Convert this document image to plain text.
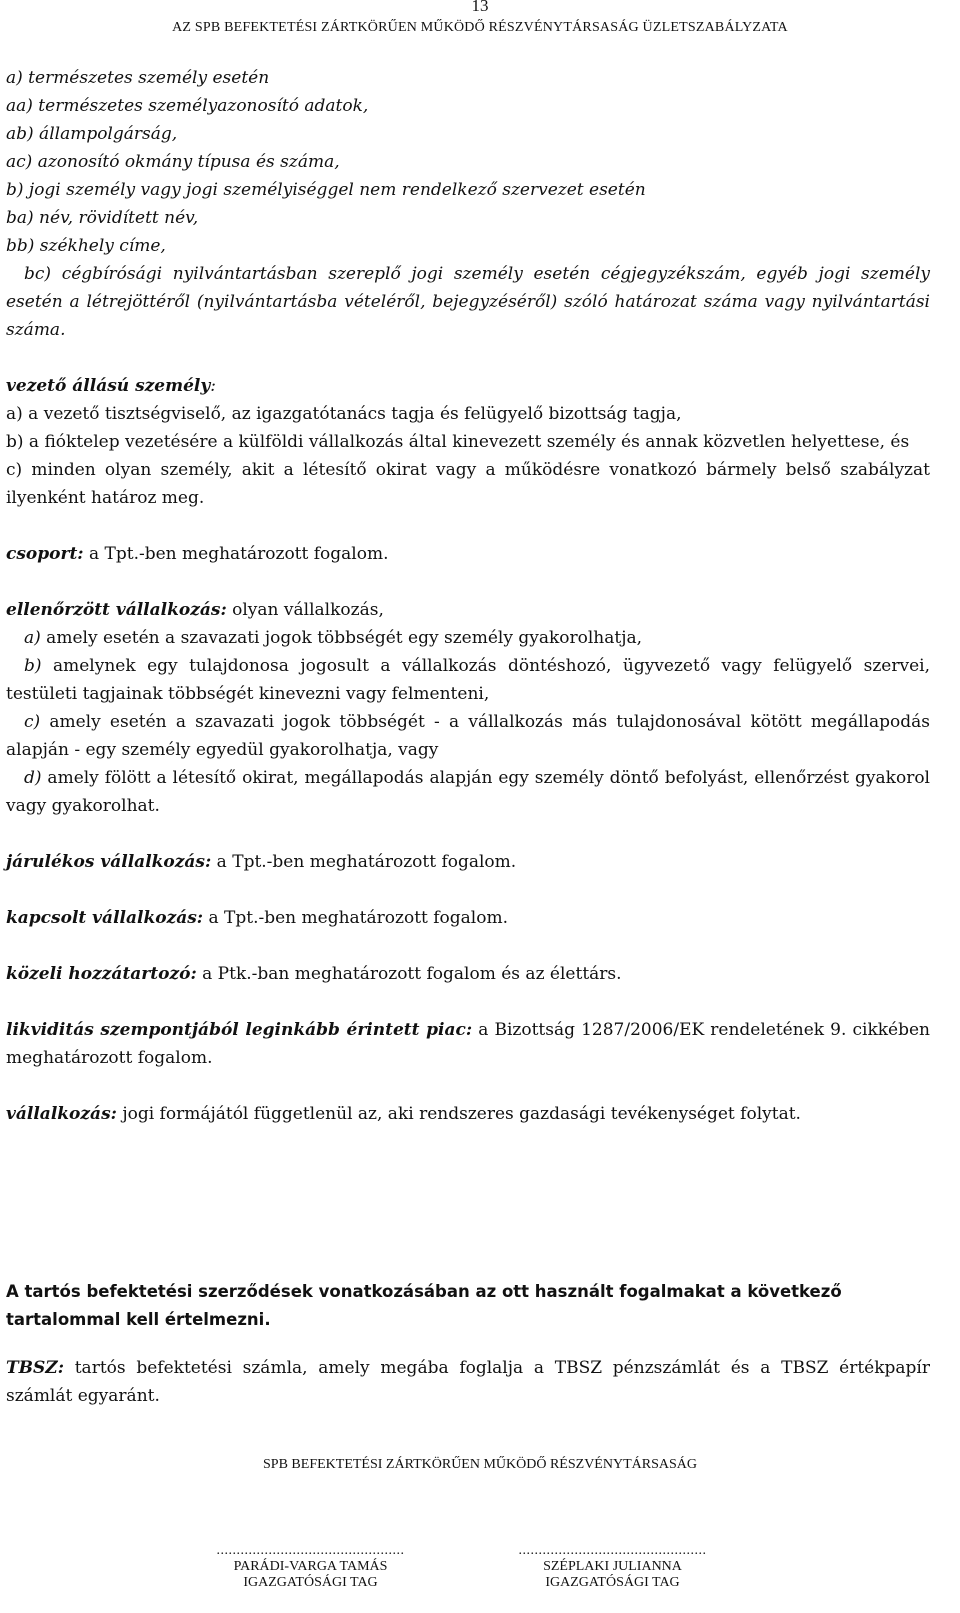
13
AZ SPB BEFEKTETÉSI ZÁRTKÖRŰEN MŰKÖDŐ RÉSZVÉNYTÁRSASÁG ÜZLETSZABÁLYZATA

a) természetes személy esetén

aa) természetes személyazonosító adatok,

ab) állampolgárság,

ac) azonosító okmány típusa és száma,

b) jogi személy vagy jogi személyiséggel nem rendelkező szervezet esetén

ba) név, rövidített név,

bb) székhely címe,

bc) cégbírósági nyilvántartásban szereplő jogi személy esetén cégjegyzékszám, egyéb jogi személy esetén a létrejöttéről (nyilvántartásba vételéről, bejegyzéséről) szóló határozat száma vagy nyilvántartási száma.

vezető állású személy:

a) a vezető tisztségviselő, az igazgatótanács tagja és felügyelő bizottság tagja,

b) a fióktelep vezetésére a külföldi vállalkozás által kinevezett személy és annak közvetlen helyettese, és

c) minden olyan személy, akit a létesítő okirat vagy a működésre vonatkozó bármely belső szabályzat ilyenként határoz meg.

csoport: a Tpt.-ben meghatározott fogalom.

ellenőrzött vállalkozás: olyan vállalkozás,

a) amely esetén a szavazati jogok többségét egy személy gyakorolhatja,

b) amelynek egy tulajdonosa jogosult a vállalkozás döntéshozó, ügyvezető vagy felügyelő szervei, testületi tagjainak többségét kinevezni vagy felmenteni,

c) amely esetén a szavazati jogok többségét - a vállalkozás más tulajdonosával kötött megállapodás alapján - egy személy egyedül gyakorolhatja, vagy

d) amely fölött a létesítő okirat, megállapodás alapján egy személy döntő befolyást, ellenőrzést gyakorol vagy gyakorolhat.

járulékos vállalkozás: a Tpt.-ben meghatározott fogalom.

kapcsolt vállalkozás: a Tpt.-ben meghatározott fogalom.

közeli hozzátartozó: a Ptk.-ban meghatározott fogalom és az élettárs.

likviditás szempontjából leginkább érintett piac: a Bizottság 1287/2006/EK rendeletének 9. cikkében meghatározott fogalom.

vállalkozás: jogi formájától függetlenül az, aki rendszeres gazdasági tevékenységet folytat.

A tartós befektetési szerződések vonatkozásában az ott használt fogalmakat a következő tartalommal kell értelmezni.

TBSZ: tartós befektetési számla, amely megába foglalja a TBSZ pénzszámlát és a TBSZ értékpapír számlát egyaránt.

SPB BEFEKTETÉSI ZÁRTKÖRŰEN MŰKÖDŐ RÉSZVÉNYTÁRSASÁG
...............................................
PARÁDI-VARGA TAMÁS
IGAZGATÓSÁGI TAG
...............................................
SZÉPLAKI JULIANNA
IGAZGATÓSÁGI TAG
